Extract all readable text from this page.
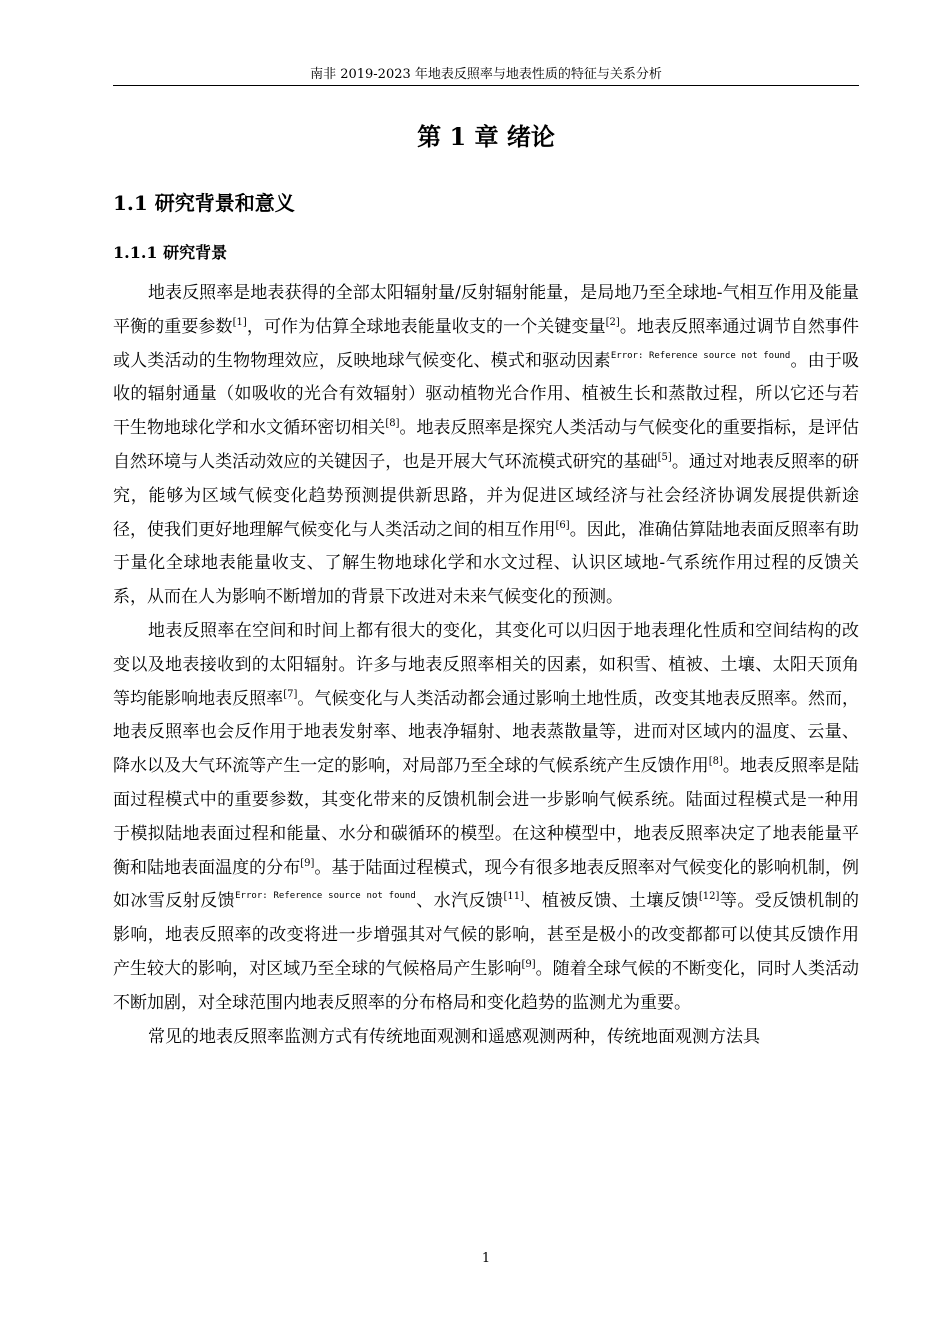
南非 2019-2023 年地表反照率与地表性质的特征与关系分析
第 1 章 绪论
1.1 研究背景和意义
1.1.1 研究背景

地表反照率是地表获得的全部太阳辐射量/反射辐射能量，是局地乃至全球地-气相互作用及能量平衡的重要参数[1]，可作为估算全球地表能量收支的一个关键变量[2]。地表反照率通过调节自然事件或人类活动的生物物理效应，反映地球气候变化、模式和驱动因素$^{Error: Reference source not found}$。由于吸收的辐射通量（如吸收的光合有效辐射）驱动植物光合作用、植被生长和蒸散过程，所以它还与若干生物地球化学和水文循环密切相关[8]。地表反照率是探究人类活动与气候变化的重要指标，是评估自然环境与人类活动效应的关键因子，也是开展大气环流模式研究的基础[5]。通过对地表反照率的研究，能够为区域气候变化趋势预测提供新思路，并为促进区域经济与社会经济协调发展提供新途径，使我们更好地理解气候变化与人类活动之间的相互作用[6]。因此，准确估算陆地表面反照率有助于量化全球地表能量收支、了解生物地球化学和水文过程、认识区域地-气系统作用过程的反馈关系，从而在人为影响不断增加的背景下改进对未来气候变化的预测。

地表反照率在空间和时间上都有很大的变化，其变化可以归因于地表理化性质和空间结构的改变以及地表接收到的太阳辐射。许多与地表反照率相关的因素，如积雪、植被、土壤、太阳天顶角等均能影响地表反照率[7]。气候变化与人类活动都会通过影响土地性质，改变其地表反照率。然而，地表反照率也会反作用于地表发射率、地表净辐射、地表蒸散量等，进而对区域内的温度、云量、降水以及大气环流等产生一定的影响，对局部乃至全球的气候系统产生反馈作用[8]。地表反照率是陆面过程模式中的重要参数，其变化带来的反馈机制会进一步影响气候系统。陆面过程模式是一种用于模拟陆地表面过程和能量、水分和碳循环的模型。在这种模型中，地表反照率决定了地表能量平衡和陆地表面温度的分布[9]。基于陆面过程模式，现今有很多地表反照率对气候变化的影响机制，例如冰雪反射反馈$^{Error: Reference source not found}$、水汽反馈[11]、植被反馈、土壤反馈[12]等。受反馈机制的影响，地表反照率的改变将进一步增强其对气候的影响，甚至是极小的改变都都可以使其反馈作用产生较大的影响，对区域乃至全球的气候格局产生影响[9]。随着全球气候的不断变化，同时人类活动不断加剧，对全球范围内地表反照率的分布格局和变化趋势的监测尤为重要。

常见的地表反照率监测方式有传统地面观测和遥感观测两种，传统地面观测方法具

1
